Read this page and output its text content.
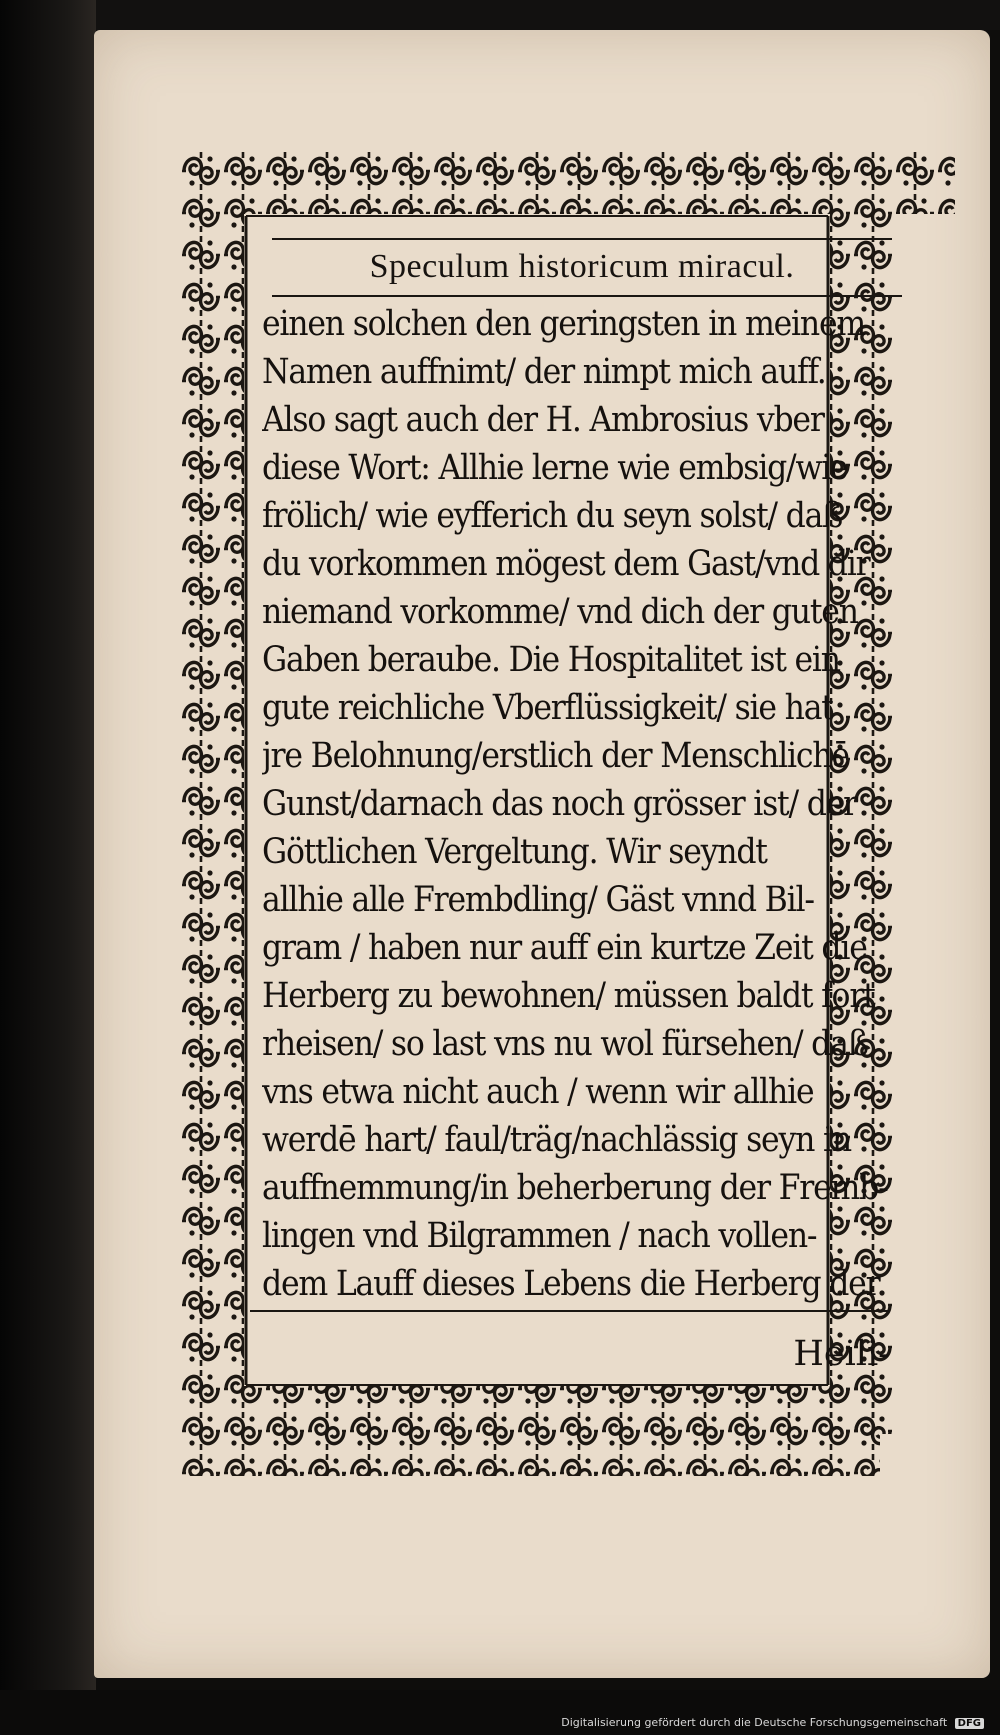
Speculum historicum miracul.
einen solchen den geringsten in meinem
Namen auffnimt/ der nimpt mich auff.
Also sagt auch der H. Ambrosius vber
diese Wort: Allhie lerne wie embsig/wie
frölich/ wie eyfferich du seyn solst/ daß
du vorkommen mögest dem Gast/vnd dir
niemand vorkomme/ vnd dich der guten
Gaben beraube. Die Hospitalitet ist ein
gute reichliche Vberflüssigkeit/ sie hat
jre Belohnung/erstlich der Menschlichē
Gunst/darnach das noch grösser ist/ der
Göttlichen Vergeltung. Wir seyndt
allhie alle Frembdling/ Gäst vnnd Bil-
gram / haben nur auff ein kurtze Zeit die
Herberg zu bewohnen/ müssen baldt fort
rheisen/ so last vns nu wol fürsehen/ daß
vns etwa nicht auch / wenn wir allhie
werdē hart/ faul/träg/nachlässig seyn in
auffnemmung/in beherberung der Fremb-
lingen vnd Bilgrammen / nach vollen-
dem Lauff dieses Lebens die Herberg der
Heili-
Digitalisierung gefördert durch die Deutsche Forschungsgemeinschaft DFG
